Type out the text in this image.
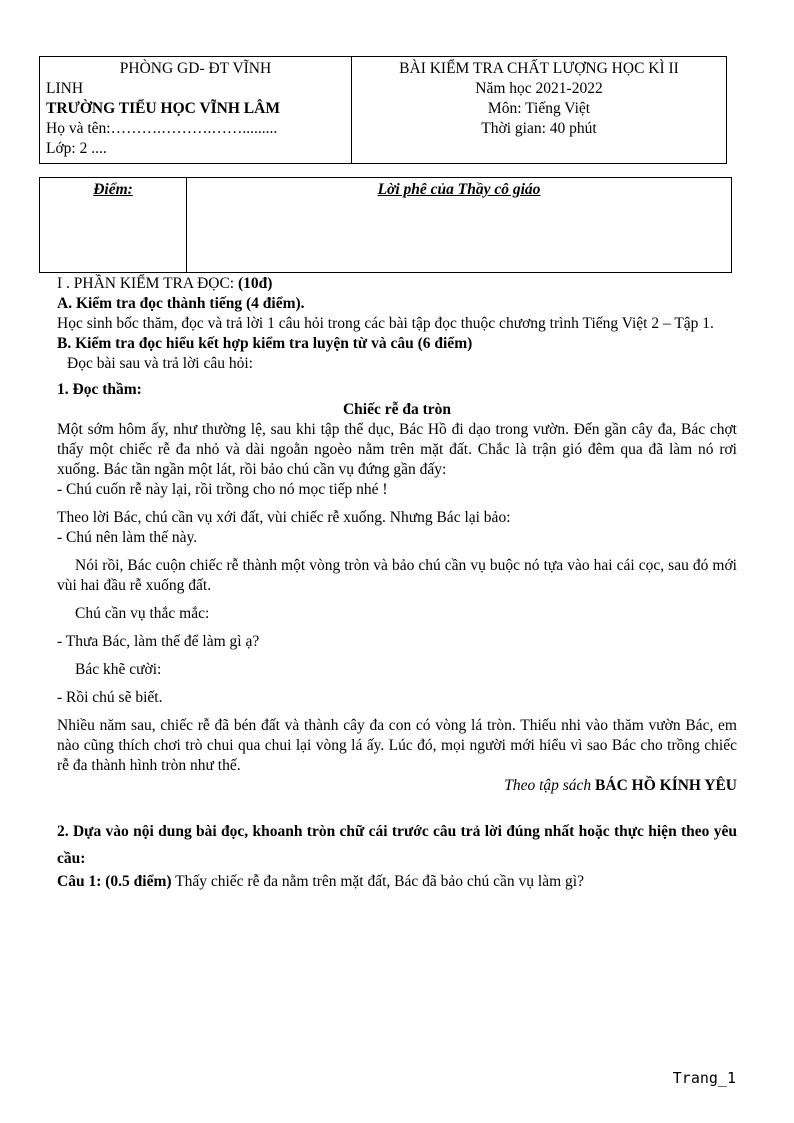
PHÒNG GD- ĐT VĨNH

LINH

TRƯỜNG TIỂU HỌC VĨNH LÂM

Họ và tên:……….……….…….........

Lớp: 2 ....

BÀI KIỂM TRA CHẤT LƯỢNG HỌC KÌ II

Năm học 2021-2022

Môn: Tiếng Việt

Thời gian: 40 phút

Điểm:	Lời phê của Thầy cô giáo

I . PHẦN KIỂM TRA ĐỌC: (10đ)

A. Kiểm tra đọc thành tiếng (4 điểm).

Học sinh bốc thăm, đọc và trả lời 1 câu hỏi trong các bài tập đọc thuộc chương trình Tiếng Việt 2 – Tập 1.

B. Kiểm tra đọc hiểu kết hợp kiểm tra luyện từ và câu (6 điểm)

Đọc bài sau và trả lời câu hỏi:

1. Đọc thầm:

Chiếc rễ đa tròn

Một sớm hôm ấy, như thường lệ, sau khi tập thể dục, Bác Hồ đi dạo trong vườn. Đến gần cây đa, Bác chợt thấy một chiếc rễ đa nhỏ và dài ngoằn ngoèo nằm trên mặt đất. Chắc là trận gió đêm qua đã làm nó rơi xuống. Bác tần ngần một lát, rồi bảo chú cần vụ đứng gần đấy:

- Chú cuốn rễ này lại, rồi trồng cho nó mọc tiếp nhé !

Theo lời Bác, chú cần vụ xới đất, vùi chiếc rễ xuống. Nhưng Bác lại bảo:

- Chú nên làm thế này.

Nói rồi, Bác cuộn chiếc rễ thành một vòng tròn và bảo chú cần vụ buộc nó tựa vào hai cái cọc, sau đó mới vùi hai đầu rễ xuống đất.

Chú cần vụ thắc mắc:

- Thưa Bác, làm thế để làm gì ạ?

Bác khẽ cười:

- Rồi chú sẽ biết.

Nhiều năm sau, chiếc rễ đã bén đất và thành cây đa con có vòng lá tròn. Thiếu nhi vào thăm vườn Bác, em nào cũng thích chơi trò chui qua chui lại vòng lá ấy. Lúc đó, mọi người mới hiểu vì sao Bác cho trồng chiếc rễ đa thành hình tròn như thế.

Theo tập sách BÁC HỒ KÍNH YÊU

2. Dựa vào nội dung bài đọc, khoanh tròn chữ cái trước câu trả lời đúng nhất hoặc thực hiện theo yêu cầu:

Câu 1: (0.5 điểm) Thấy chiếc rễ đa nằm trên mặt đất, Bác đã bảo chú cần vụ làm gì?

Trang_1
